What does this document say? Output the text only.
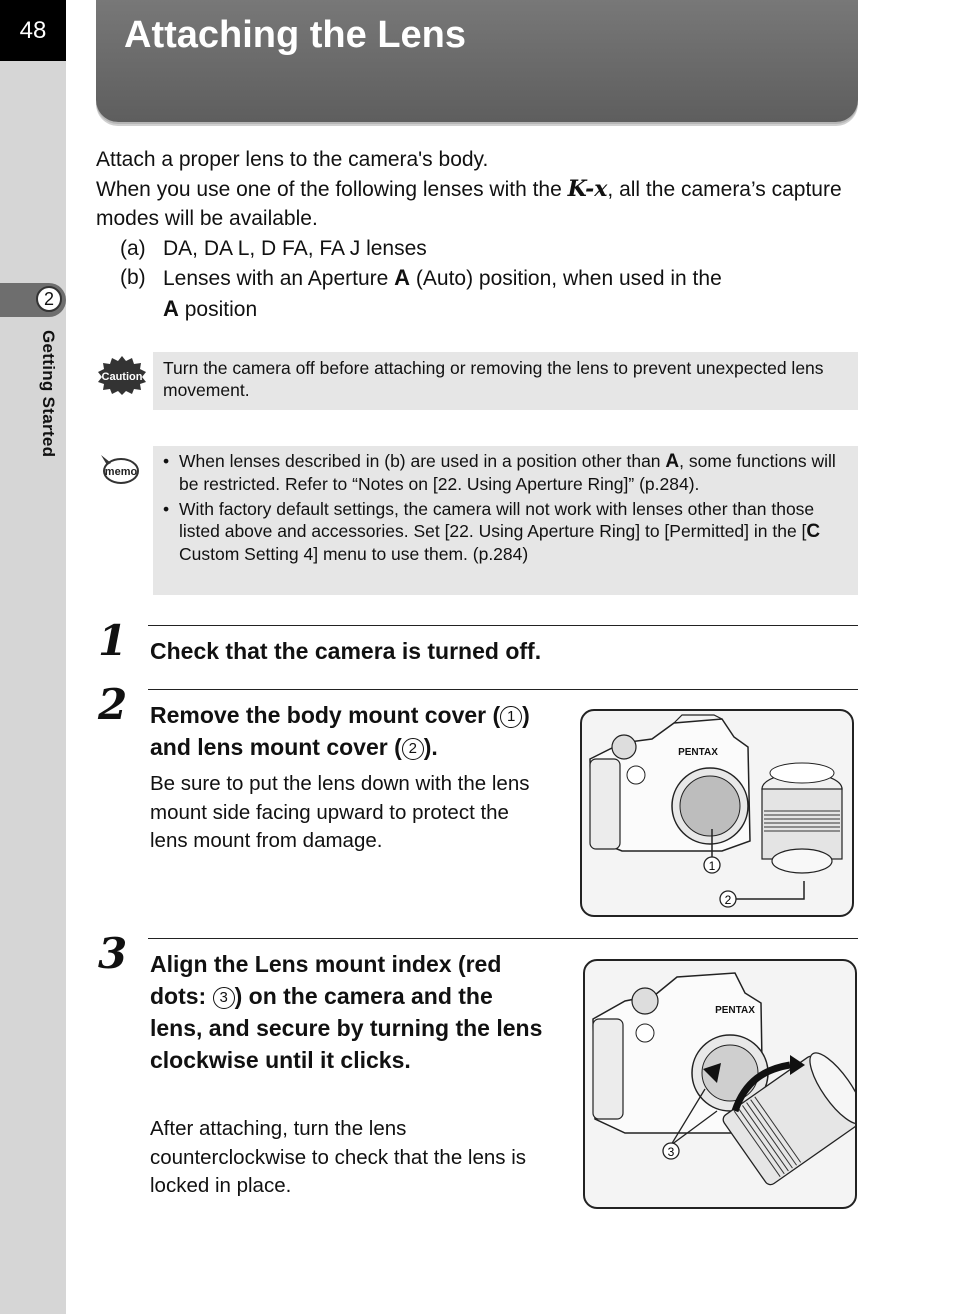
48
2
Getting Started
Attaching the Lens

Attach a proper lens to the camera's body.

When you use one of the following lenses with the K-x, all the camera’s capture modes will be available.

(a) DA, DA L, D FA, FA J lenses

(b) Lenses with an Aperture A (Auto) position, when used in the

A position

Caution	Turn the camera off before attaching or removing the lens to prevent unexpected lens movement.
memo
• When lenses described in (b) are used in a position other than A, some functions will be restricted. Refer to “Notes on [22. Using Aperture Ring]” (p.284).
• With factory default settings, the camera will not work with lenses other than those listed above and accessories. Set [22. Using Aperture Ring] to [Permitted] in the [C Custom Setting 4] menu to use them. (p.284)
1 Check that the camera is turned off.
2 Remove the body mount cover ( 1 ) and lens mount cover ( 2 ).
Be sure to put the lens down with the lens mount side facing upward to protect the lens mount from damage.
PENTAX
1
2
3 Align the Lens mount index (red dots: 3 ) on the camera and the lens, and secure by turning the lens clockwise until it clicks.
After attaching, turn the lens counterclockwise to check that the lens is locked in place.
PENTAX
3
